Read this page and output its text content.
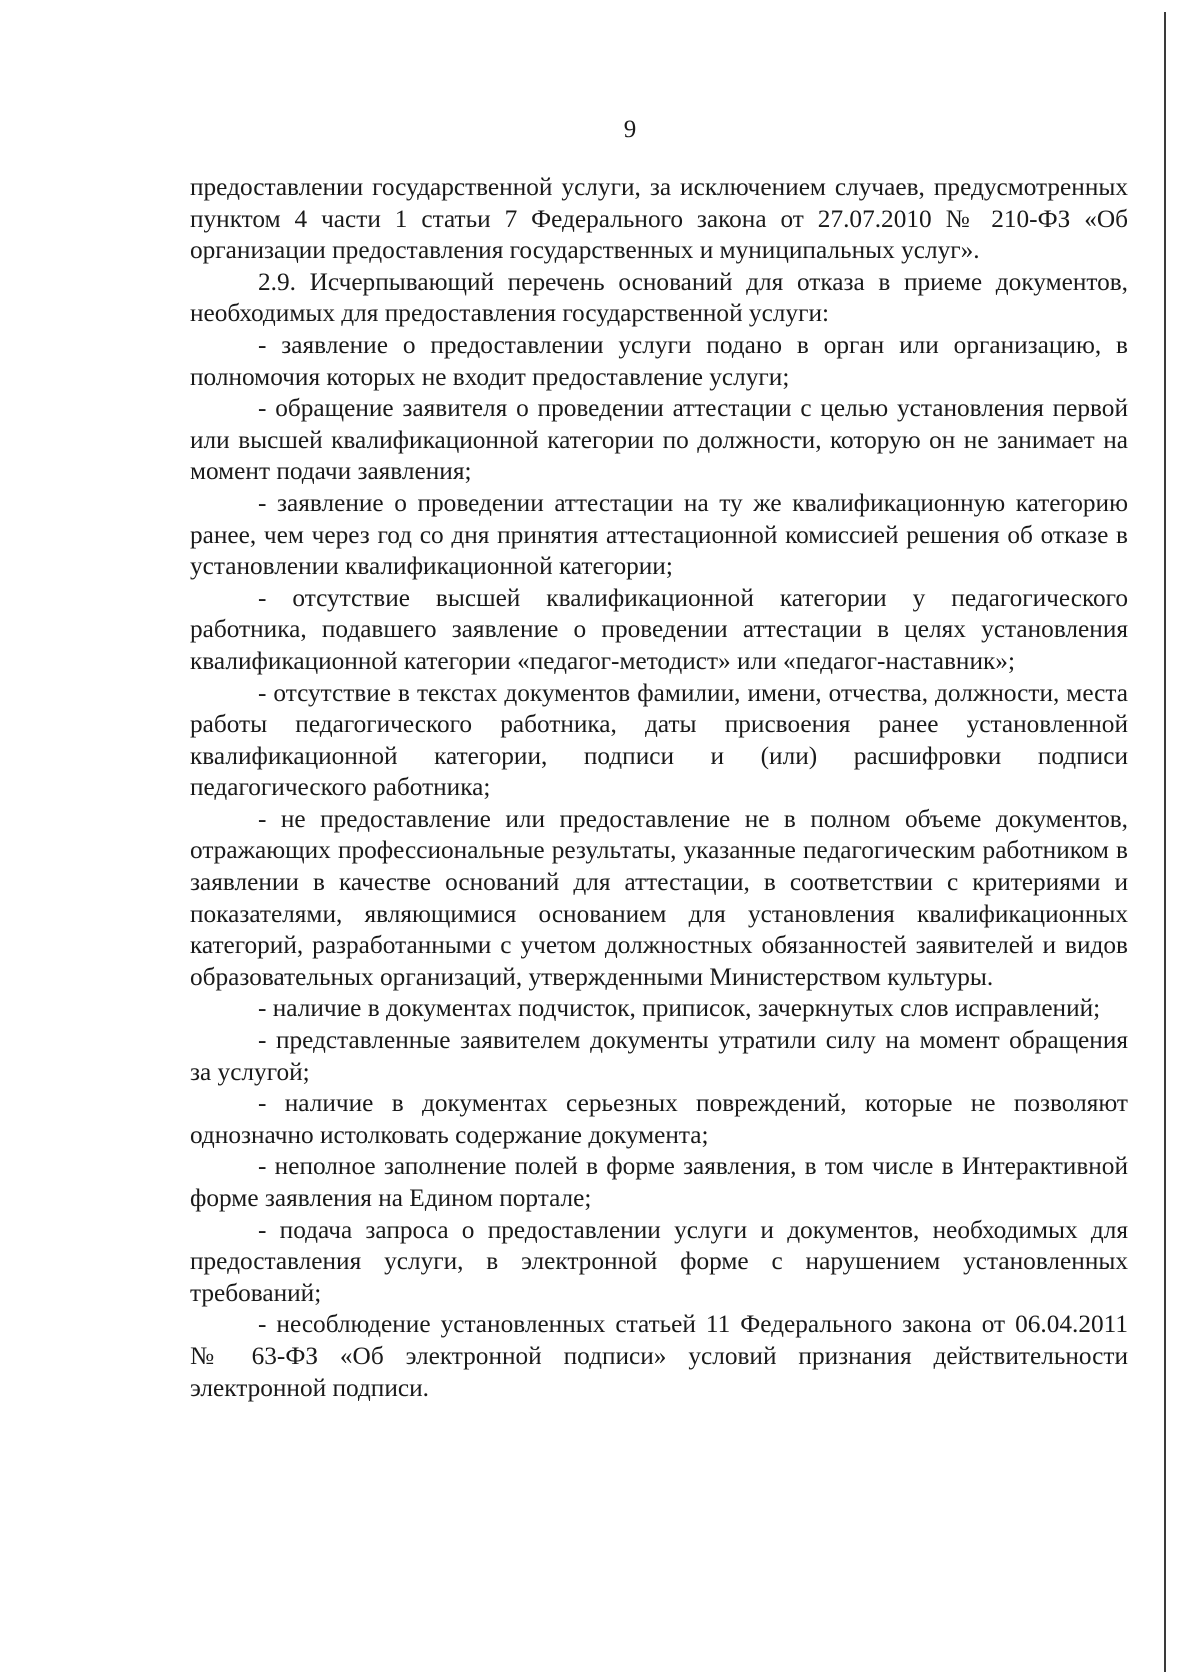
9

предоставлении государственной услуги, за исключением случаев, предусмотренных пунктом 4 части 1 статьи 7 Федерального закона от 27.07.2010 № 210-ФЗ «Об организации предоставления государственных и муниципальных услуг».

2.9. Исчерпывающий перечень оснований для отказа в приеме документов, необходимых для предоставления государственной услуги:

- заявление о предоставлении услуги подано в орган или организацию, в полномочия которых не входит предоставление услуги;

- обращение заявителя о проведении аттестации с целью установления первой или высшей квалификационной категории по должности, которую он не занимает на момент подачи заявления;

- заявление о проведении аттестации на ту же квалификационную категорию ранее, чем через год со дня принятия аттестационной комиссией решения об отказе в установлении квалификационной категории;

- отсутствие высшей квалификационной категории у педагогического работника, подавшего заявление о проведении аттестации в целях установления квалификационной категории «педагог-методист» или «педагог-наставник»;

- отсутствие в текстах документов фамилии, имени, отчества, должности, места работы педагогического работника, даты присвоения ранее установленной квалификационной категории, подписи и (или) расшифровки подписи педагогического работника;

- не предоставление или предоставление не в полном объеме документов, отражающих профессиональные результаты, указанные педагогическим работником в заявлении в качестве оснований для аттестации, в соответствии с критериями и показателями, являющимися основанием для установления квалификационных категорий, разработанными с учетом должностных обязанностей заявителей и видов образовательных организаций, утвержденными Министерством культуры.

- наличие в документах подчисток, приписок, зачеркнутых слов исправлений;

- представленные заявителем документы утратили силу на момент обращения за услугой;

- наличие в документах серьезных повреждений, которые не позволяют однозначно истолковать содержание документа;

- неполное заполнение полей в форме заявления, в том числе в Интерактивной форме заявления на Едином портале;

- подача запроса о предоставлении услуги и документов, необходимых для предоставления услуги, в электронной форме с нарушением установленных требований;

- несоблюдение установленных статьей 11 Федерального закона от 06.04.2011 № 63-ФЗ «Об электронной подписи» условий признания действительности электронной подписи.
